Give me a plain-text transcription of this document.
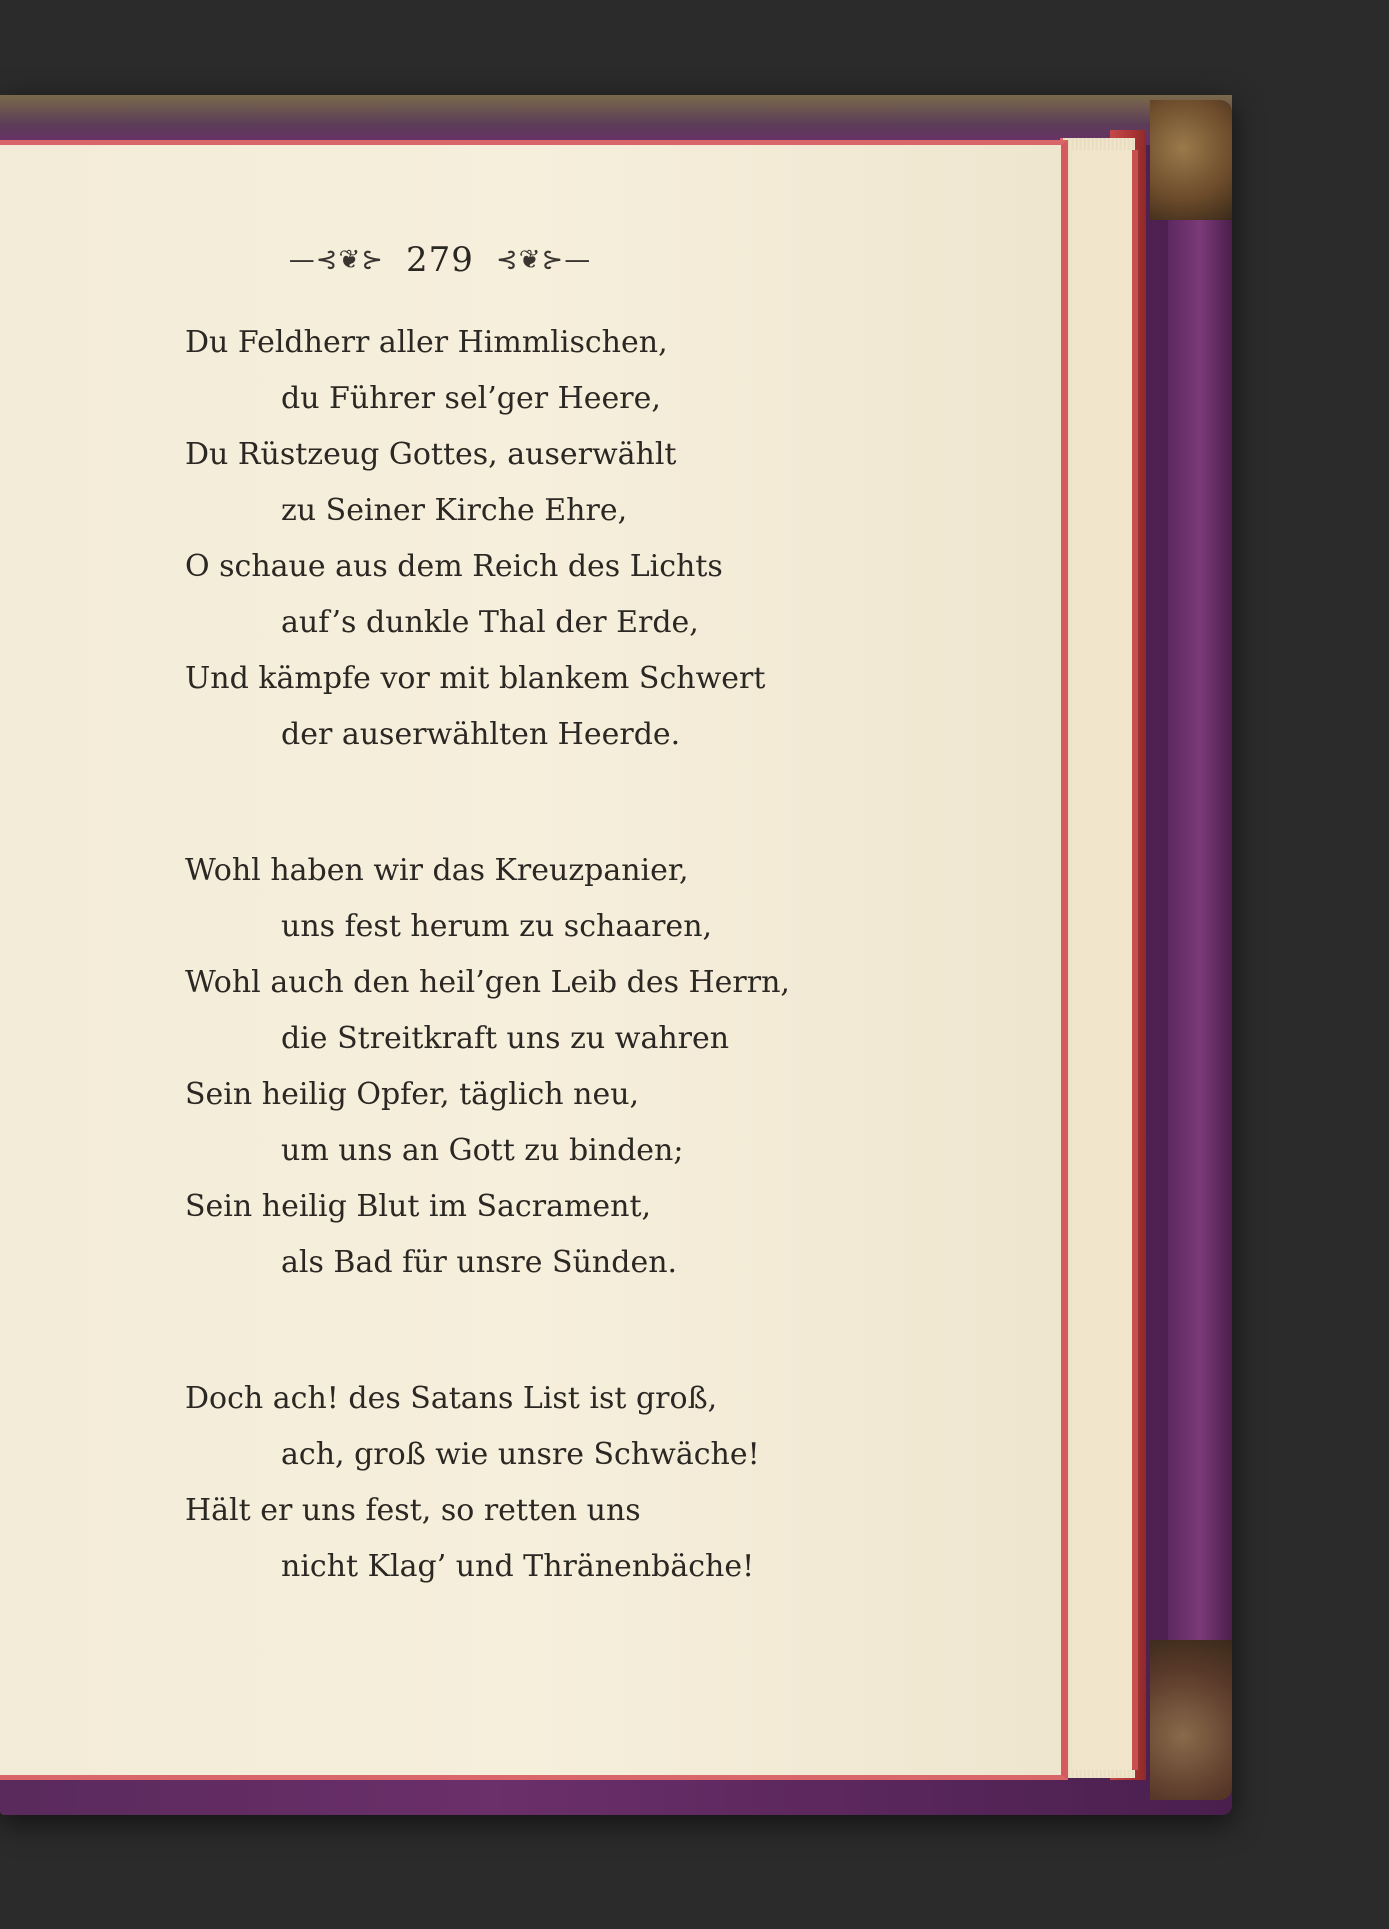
—⊰❦⊱ 279 ⊰❦⊱—
Du Feldherr aller Himmlischen,
du Führer sel’ger Heere,
Du Rüstzeug Gottes, auserwählt
zu Seiner Kirche Ehre,
O schaue aus dem Reich des Lichts
auf’s dunkle Thal der Erde,
Und kämpfe vor mit blankem Schwert
der auserwählten Heerde.
Wohl haben wir das Kreuzpanier,
uns fest herum zu schaaren,
Wohl auch den heil’gen Leib des Herrn,
die Streitkraft uns zu wahren
Sein heilig Opfer, täglich neu,
um uns an Gott zu binden;
Sein heilig Blut im Sacrament,
als Bad für unsre Sünden.
Doch ach! des Satans List ist groß,
ach, groß wie unsre Schwäche!
Hält er uns fest, so retten uns
nicht Klag’ und Thränenbäche!
